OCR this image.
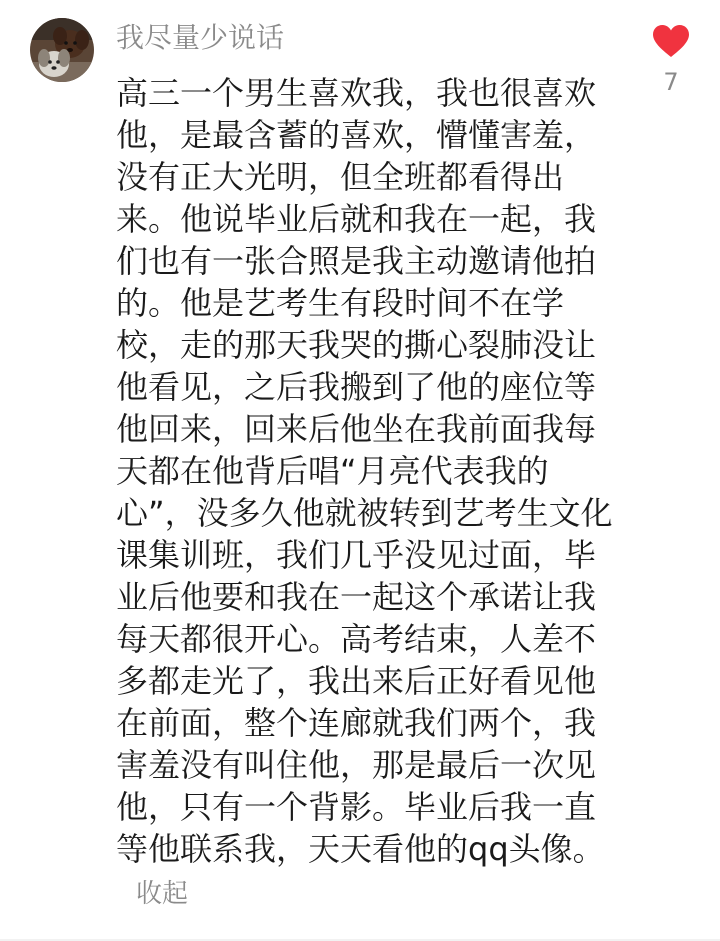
我尽量少说话
7

高三一个男生喜欢我，我也很喜欢他，是最含蓄的喜欢，懵懂害羞，没有正大光明，但全班都看得出来。他说毕业后就和我在一起，我们也有一张合照是我主动邀请他拍的。他是艺考生有段时间不在学校，走的那天我哭的撕心裂肺没让他看见，之后我搬到了他的座位等他回来，回来后他坐在我前面我每天都在他背后唱“月亮代表我的心”，没多久他就被转到艺考生文化课集训班，我们几乎没见过面，毕业后他要和我在一起这个承诺让我每天都很开心。高考结束，人差不多都走光了，我出来后正好看见他在前面，整个连廊就我们两个，我害羞没有叫住他，那是最后一次见他，只有一个背影。毕业后我一直等他联系我，天天看他的qq头像。收起
